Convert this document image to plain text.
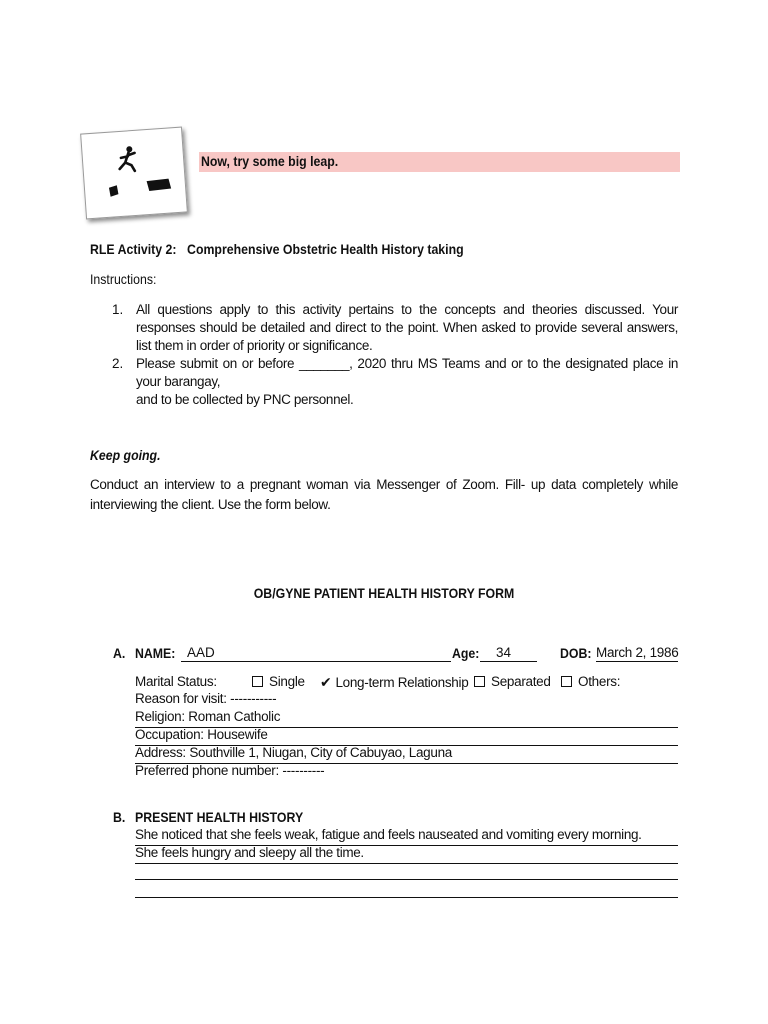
Now, try some big leap.
RLE Activity 2: Comprehensive Obstetric Health History taking
Instructions:
1. All questions apply to this activity pertains to the concepts and theories discussed. Your responses should be detailed and direct to the point. When asked to provide several answers, list them in order of priority or significance.
2. Please submit on or before _______, 2020 thru MS Teams and or to the designated place in your barangay,
and to be collected by PNC personnel.
Keep going.
Conduct an interview to a pregnant woman via Messenger of Zoom. Fill- up data completely while
interviewing the client. Use the form below.
OB/GYNE PATIENT HEALTH HISTORY FORM
A. NAME: AAD	Age: 34	DOB: March 2, 1986
Marital Status:	Single ✔ Long-term Relationship	Separated	Others:
Reason for visit: -----------
Religion: Roman Catholic
Occupation: Housewife
Address: Southville 1, Niugan, City of Cabuyao, Laguna
Preferred phone number: ----------
B. PRESENT HEALTH HISTORY
She noticed that she feels weak, fatigue and feels nauseated and vomiting every morning.
She feels hungry and sleepy all the time.
